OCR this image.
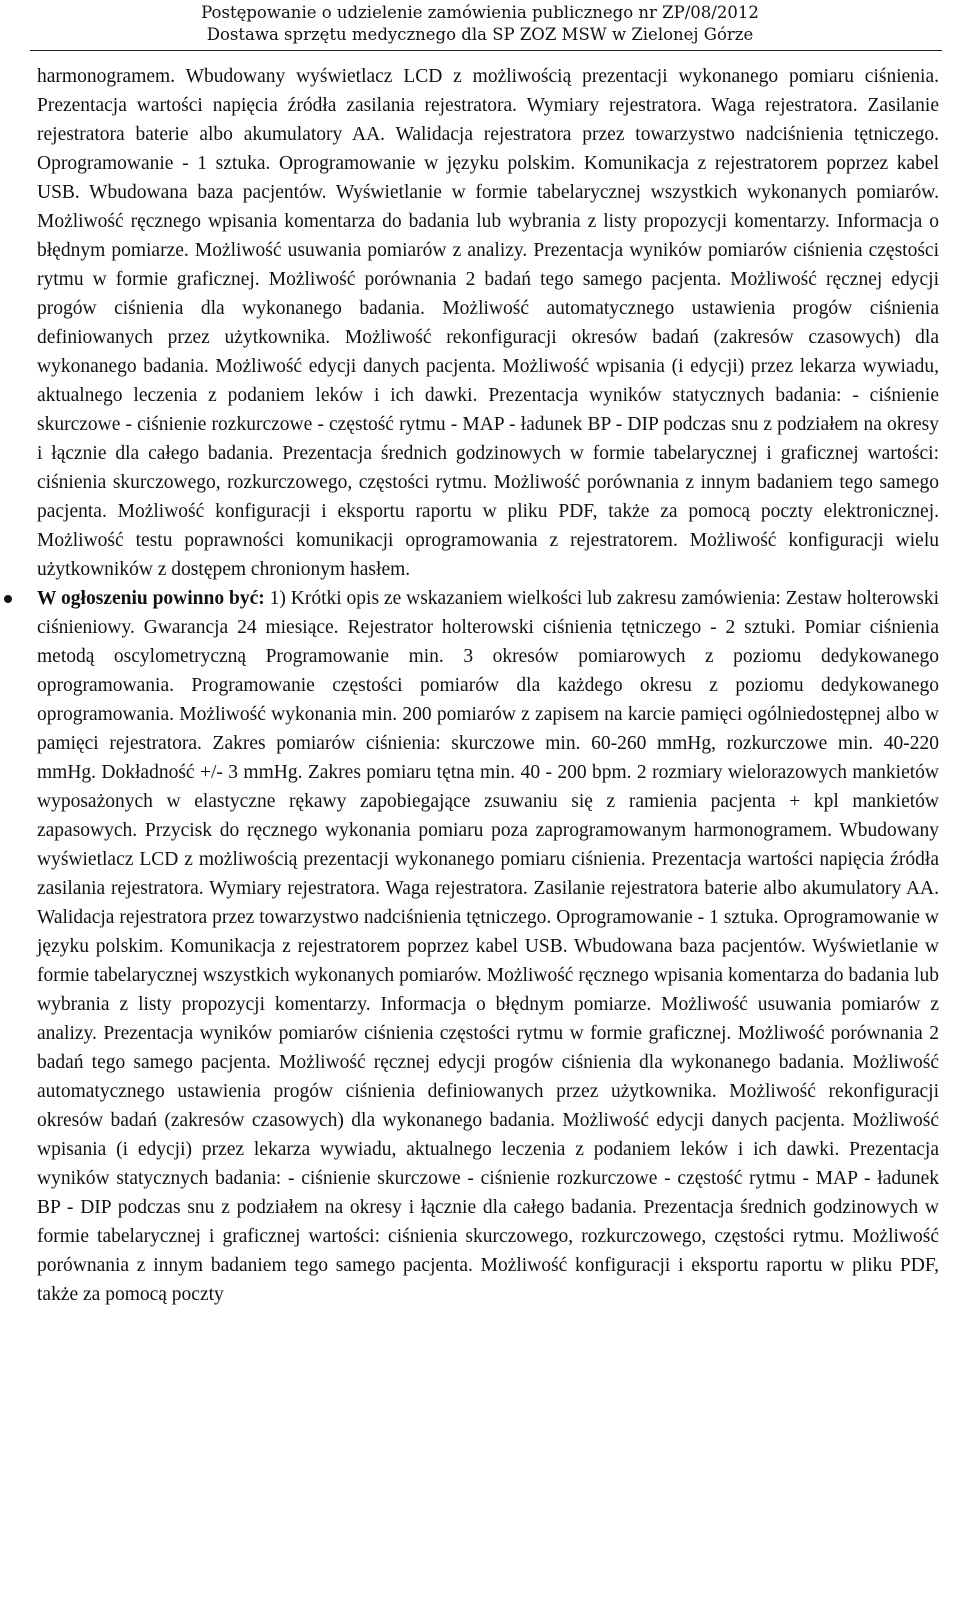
Postępowanie o udzielenie zamówienia publicznego nr ZP/08/2012
Dostawa sprzętu medycznego dla SP ZOZ MSW w Zielonej Górze

harmonogramem. Wbudowany wyświetlacz LCD z możliwością prezentacji wykonanego pomiaru ciśnienia. Prezentacja wartości napięcia źródła zasilania rejestratora. Wymiary rejestratora. Waga rejestratora. Zasilanie rejestratora baterie albo akumulatory AA. Walidacja rejestratora przez towarzystwo nadciśnienia tętniczego. Oprogramowanie - 1 sztuka. Oprogramowanie w języku polskim. Komunikacja z rejestratorem poprzez kabel USB. Wbudowana baza pacjentów. Wyświetlanie w formie tabelarycznej wszystkich wykonanych pomiarów. Możliwość ręcznego wpisania komentarza do badania lub wybrania z listy propozycji komentarzy. Informacja o błędnym pomiarze. Możliwość usuwania pomiarów z analizy. Prezentacja wyników pomiarów ciśnienia częstości rytmu w formie graficznej. Możliwość porównania 2 badań tego samego pacjenta. Możliwość ręcznej edycji progów ciśnienia dla wykonanego badania. Możliwość automatycznego ustawienia progów ciśnienia definiowanych przez użytkownika. Możliwość rekonfiguracji okresów badań (zakresów czasowych) dla wykonanego badania. Możliwość edycji danych pacjenta. Możliwość wpisania (i edycji) przez lekarza wywiadu, aktualnego leczenia z podaniem leków i ich dawki. Prezentacja wyników statycznych badania: - ciśnienie skurczowe - ciśnienie rozkurczowe - częstość rytmu - MAP - ładunek BP - DIP podczas snu z podziałem na okresy i łącznie dla całego badania. Prezentacja średnich godzinowych w formie tabelarycznej i graficznej wartości: ciśnienia skurczowego, rozkurczowego, częstości rytmu. Możliwość porównania z innym badaniem tego samego pacjenta. Możliwość konfiguracji i eksportu raportu w pliku PDF, także za pomocą poczty elektronicznej. Możliwość testu poprawności komunikacji oprogramowania z rejestratorem. Możliwość konfiguracji wielu użytkowników z dostępem chronionym hasłem.

W ogłoszeniu powinno być: 1) Krótki opis ze wskazaniem wielkości lub zakresu zamówienia: Zestaw holterowski ciśnieniowy. Gwarancja 24 miesiące. Rejestrator holterowski ciśnienia tętniczego - 2 sztuki. Pomiar ciśnienia metodą oscylometryczną Programowanie min. 3 okresów pomiarowych z poziomu dedykowanego oprogramowania. Programowanie częstości pomiarów dla każdego okresu z poziomu dedykowanego oprogramowania. Możliwość wykonania min. 200 pomiarów z zapisem na karcie pamięci ogólniedostępnej albo w pamięci rejestratora. Zakres pomiarów ciśnienia: skurczowe min. 60-260 mmHg, rozkurczowe min. 40-220 mmHg. Dokładność +/- 3 mmHg. Zakres pomiaru tętna min. 40 - 200 bpm. 2 rozmiary wielorazowych mankietów wyposażonych w elastyczne rękawy zapobiegające zsuwaniu się z ramienia pacjenta + kpl mankietów zapasowych. Przycisk do ręcznego wykonania pomiaru poza zaprogramowanym harmonogramem. Wbudowany wyświetlacz LCD z możliwością prezentacji wykonanego pomiaru ciśnienia. Prezentacja wartości napięcia źródła zasilania rejestratora. Wymiary rejestratora. Waga rejestratora. Zasilanie rejestratora baterie albo akumulatory AA. Walidacja rejestratora przez towarzystwo nadciśnienia tętniczego. Oprogramowanie - 1 sztuka. Oprogramowanie w języku polskim. Komunikacja z rejestratorem poprzez kabel USB. Wbudowana baza pacjentów. Wyświetlanie w formie tabelarycznej wszystkich wykonanych pomiarów. Możliwość ręcznego wpisania komentarza do badania lub wybrania z listy propozycji komentarzy. Informacja o błędnym pomiarze. Możliwość usuwania pomiarów z analizy. Prezentacja wyników pomiarów ciśnienia częstości rytmu w formie graficznej. Możliwość porównania 2 badań tego samego pacjenta. Możliwość ręcznej edycji progów ciśnienia dla wykonanego badania. Możliwość automatycznego ustawienia progów ciśnienia definiowanych przez użytkownika. Możliwość rekonfiguracji okresów badań (zakresów czasowych) dla wykonanego badania. Możliwość edycji danych pacjenta. Możliwość wpisania (i edycji) przez lekarza wywiadu, aktualnego leczenia z podaniem leków i ich dawki. Prezentacja wyników statycznych badania: - ciśnienie skurczowe - ciśnienie rozkurczowe - częstość rytmu - MAP - ładunek BP - DIP podczas snu z podziałem na okresy i łącznie dla całego badania. Prezentacja średnich godzinowych w formie tabelarycznej i graficznej wartości: ciśnienia skurczowego, rozkurczowego, częstości rytmu. Możliwość porównania z innym badaniem tego samego pacjenta. Możliwość konfiguracji i eksportu raportu w pliku PDF, także za pomocą poczty
